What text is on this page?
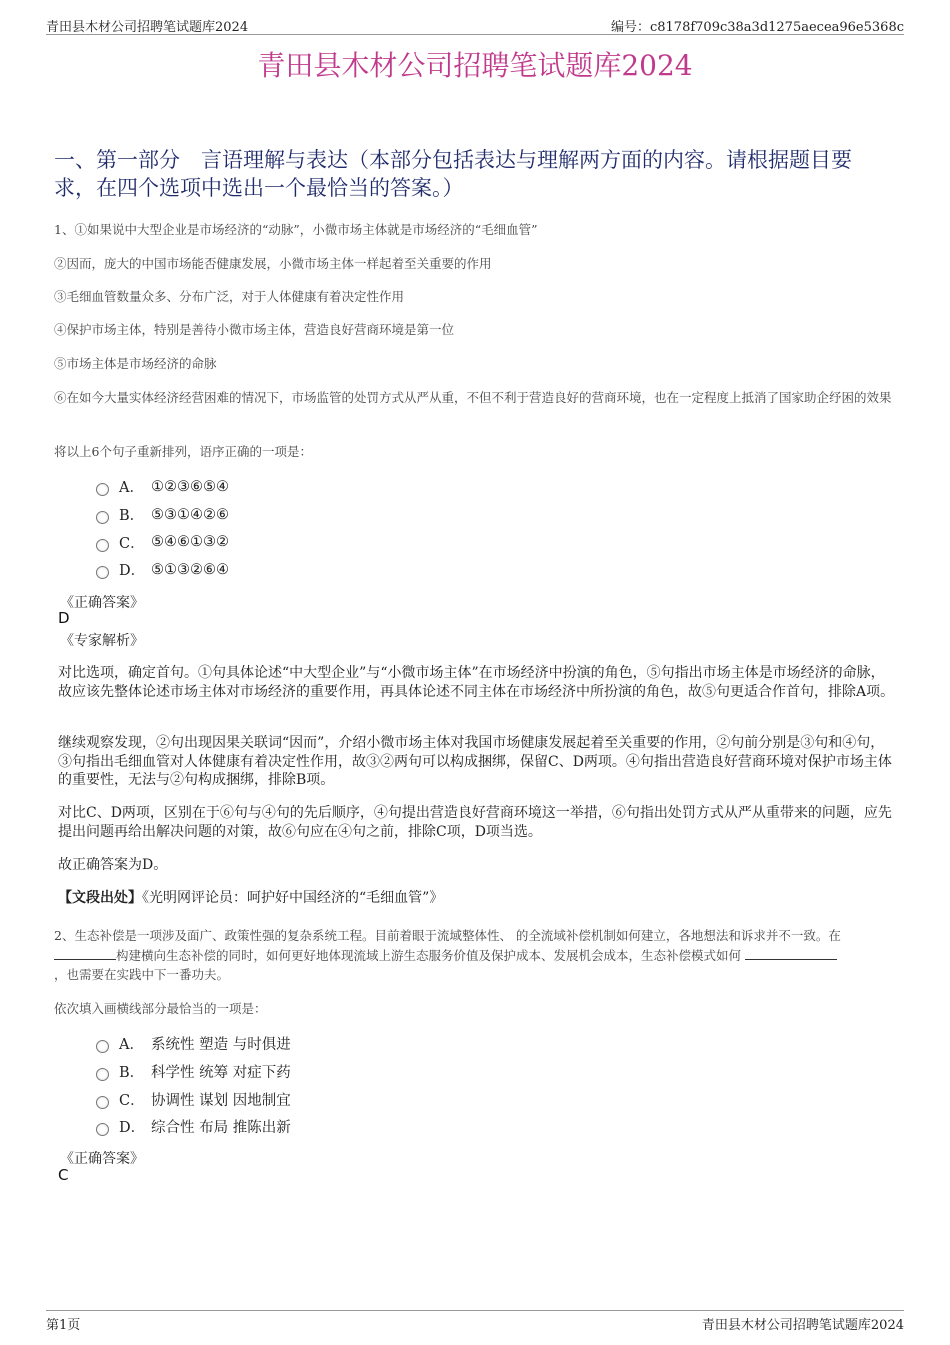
青田县木材公司招聘笔试题库2024	编号：c8178f709c38a3d1275aecea96e5368c
青田县木材公司招聘笔试题库2024
一、第一部分　言语理解与表达（本部分包括表达与理解两方面的内容。请根据题目要求，在四个选项中选出一个最恰当的答案。）
1、①如果说中大型企业是市场经济的“动脉”，小微市场主体就是市场经济的“毛细血管”
②因而，庞大的中国市场能否健康发展，小微市场主体一样起着至关重要的作用
③毛细血管数量众多、分布广泛，对于人体健康有着决定性作用
④保护市场主体，特别是善待小微市场主体，营造良好营商环境是第一位
⑤市场主体是市场经济的命脉
⑥在如今大量实体经济经营困难的情况下，市场监管的处罚方式从严从重，不但不利于营造良好的营商环境，也在一定程度上抵消了国家助企纾困的效果
将以上6个句子重新排列，语序正确的一项是：
A． ①②③⑥⑤④
B． ⑤③①④②⑥
C． ⑤④⑥①③②
D． ⑤①③②⑥④
《正确答案》
D
《专家解析》
对比选项，确定首句。①句具体论述“中大型企业”与“小微市场主体”在市场经济中扮演的角色，⑤句指出市场主体是市场经济的命脉，故应该先整体论述市场主体对市场经济的重要作用，再具体论述不同主体在市场经济中所扮演的角色，故⑤句更适合作首句，排除A项。
继续观察发现，②句出现因果关联词“因而”，介绍小微市场主体对我国市场健康发展起着至关重要的作用，②句前分别是③句和④句，③句指出毛细血管对人体健康有着决定性作用，故③②两句可以构成捆绑，保留C、D两项。④句指出营造良好营商环境对保护市场主体的重要性，无法与②句构成捆绑，排除B项。
对比C、D两项，区别在于⑥句与④句的先后顺序，④句提出营造良好营商环境这一举措，⑥句指出处罚方式从严从重带来的问题，应先提出问题再给出解决问题的对策，故⑥句应在④句之前，排除C项，D项当选。
故正确答案为D。
【文段出处】《光明网评论员：呵护好中国经济的“毛细血管”》
2、生态补偿是一项涉及面广、政策性强的复杂系统工程。目前着眼于流域整体性、 的全流域补偿机制如何建立，各地想法和诉求并不一致。在
构建横向生态补偿的同时，如何更好地体现流域上游生态服务价值及保护成本、发展机会成本，生态补偿模式如何
，也需要在实践中下一番功夫。
依次填入画横线部分最恰当的一项是：
A． 系统性 塑造 与时俱进
B． 科学性 统筹 对症下药
C． 协调性 谋划 因地制宜
D． 综合性 布局 推陈出新
《正确答案》
C
第1页	青田县木材公司招聘笔试题库2024
